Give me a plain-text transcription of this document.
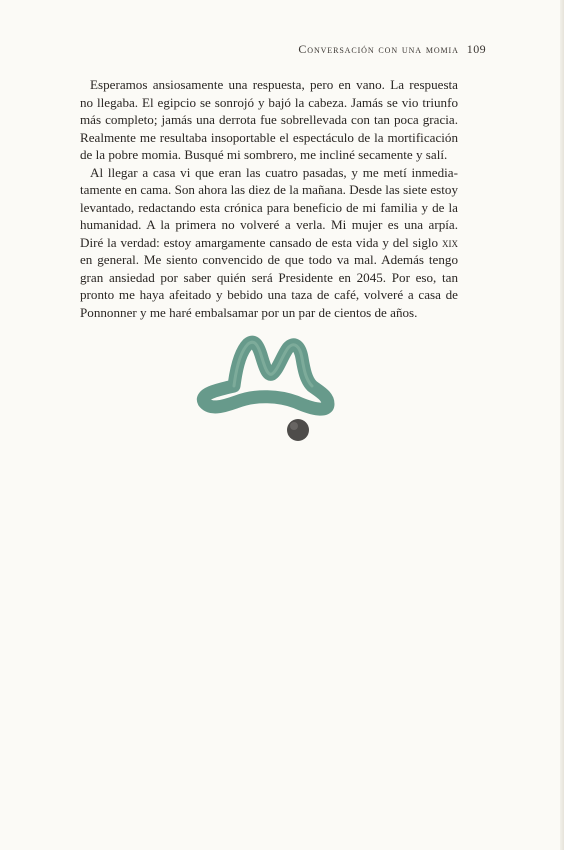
Conversación con una momia 109

Esperamos ansiosamente una respuesta, pero en vano. La respuesta no llegaba. El egipcio se sonrojó y bajó la cabeza. Jamás se vio triunfo más completo; jamás una derrota fue sobrellevada con tan poca gracia. Realmente me resultaba insoportable el espectáculo de la mortificación de la pobre momia. Busqué mi sombrero, me incliné secamente y salí.

Al llegar a casa vi que eran las cuatro pasadas, y me metí inmediatamente en cama. Son ahora las diez de la mañana. Desde las siete estoy levantado, redactando esta crónica para beneficio de mi familia y de la humanidad. A la primera no volveré a verla. Mi mujer es una arpía. Diré la verdad: estoy amargamente cansado de esta vida y del siglo xix en general. Me siento convencido de que todo va mal. Además tengo gran ansiedad por saber quién será Presidente en 2045. Por eso, tan pronto me haya afeitado y bebido una taza de café, volveré a casa de Ponnonner y me haré embalsamar por un par de cientos de años.
